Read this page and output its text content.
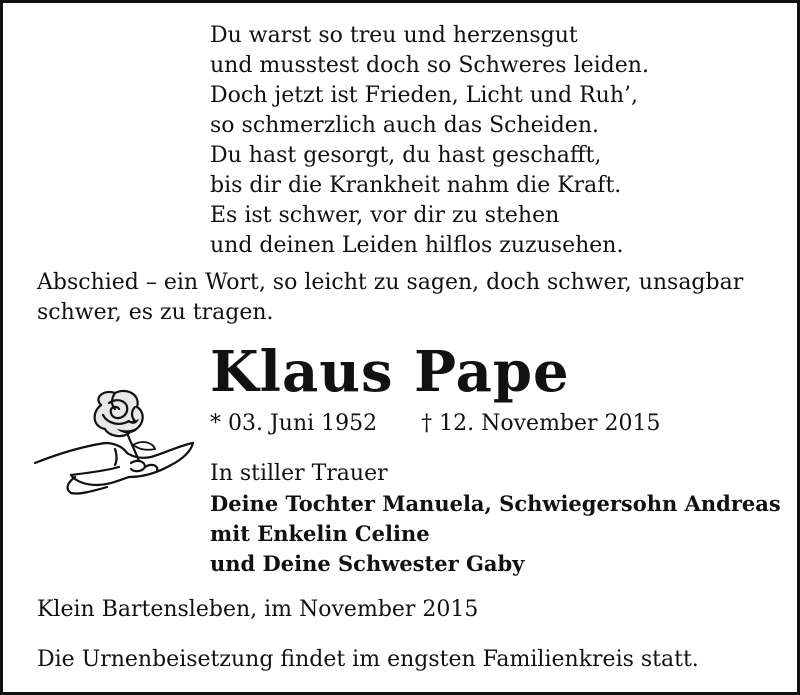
Du warst so treu und herzensgut
und musstest doch so Schweres leiden.
Doch jetzt ist Frieden, Licht und Ruh’,
so schmerzlich auch das Scheiden.
Du hast gesorgt, du hast geschafft,
bis dir die Krankheit nahm die Kraft.
Es ist schwer, vor dir zu stehen
und deinen Leiden hilflos zuzusehen.
Abschied – ein Wort, so leicht zu sagen, doch schwer, unsagbar schwer, es zu tragen.
Klaus Pape
* 03. Juni 1952 † 12. November 2015
In stiller Trauer
Deine Tochter Manuela, Schwiegersohn Andreas
mit Enkelin Celine
und Deine Schwester Gaby
Klein Bartensleben, im November 2015
Die Urnenbeisetzung findet im engsten Familienkreis statt.
